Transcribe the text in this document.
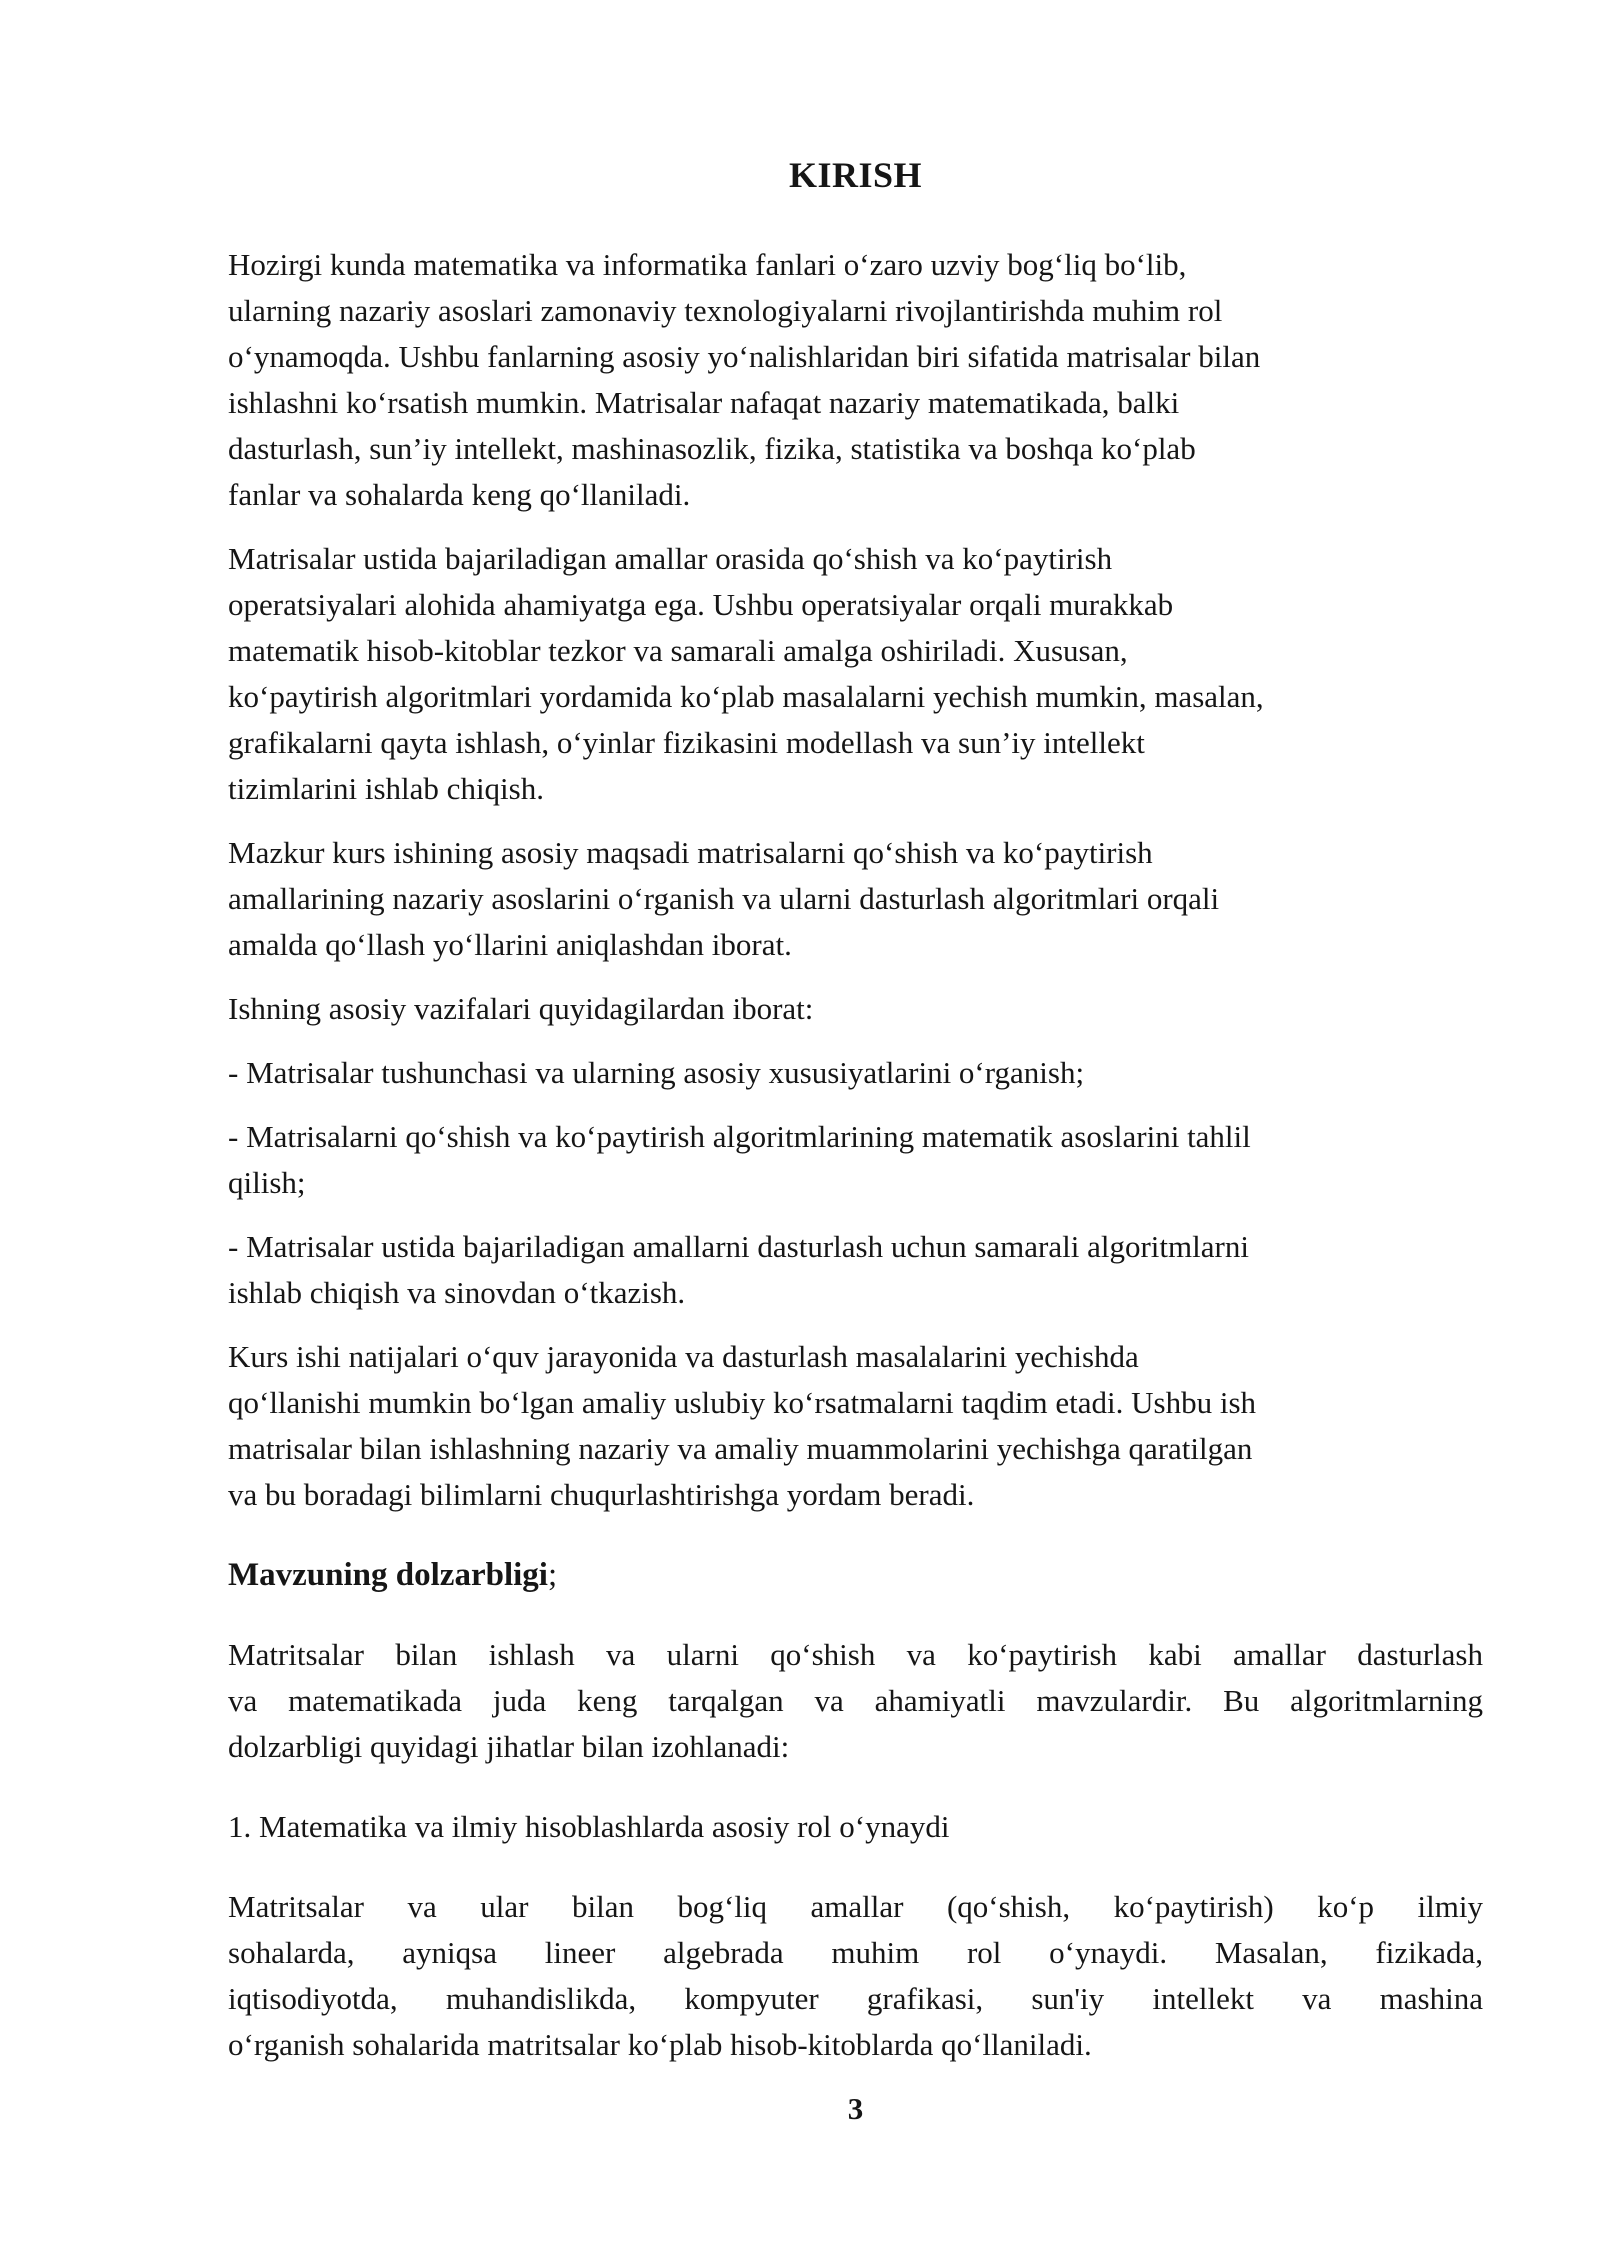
KIRISH
Hozirgi kunda matematika va informatika fanlari o‘zaro uzviy bog‘liq bo‘lib,
ularning nazariy asoslari zamonaviy texnologiyalarni rivojlantirishda muhim rol
o‘ynamoqda. Ushbu fanlarning asosiy yo‘nalishlaridan biri sifatida matrisalar bilan
ishlashni ko‘rsatish mumkin. Matrisalar nafaqat nazariy matematikada, balki
dasturlash, sun’iy intellekt, mashinasozlik, fizika, statistika va boshqa ko‘plab
fanlar va sohalarda keng qo‘llaniladi.
Matrisalar ustida bajariladigan amallar orasida qo‘shish va ko‘paytirish
operatsiyalari alohida ahamiyatga ega. Ushbu operatsiyalar orqali murakkab
matematik hisob-kitoblar tezkor va samarali amalga oshiriladi. Xususan,
ko‘paytirish algoritmlari yordamida ko‘plab masalalarni yechish mumkin, masalan,
grafikalarni qayta ishlash, o‘yinlar fizikasini modellash va sun’iy intellekt
tizimlarini ishlab chiqish.
Mazkur kurs ishining asosiy maqsadi matrisalarni qo‘shish va ko‘paytirish
amallarining nazariy asoslarini o‘rganish va ularni dasturlash algoritmlari orqali
amalda qo‘llash yo‘llarini aniqlashdan iborat.
Ishning asosiy vazifalari quyidagilardan iborat:
- Matrisalar tushunchasi va ularning asosiy xususiyatlarini o‘rganish;
- Matrisalarni qo‘shish va ko‘paytirish algoritmlarining matematik asoslarini tahlil
qilish;
- Matrisalar ustida bajariladigan amallarni dasturlash uchun samarali algoritmlarni
ishlab chiqish va sinovdan o‘tkazish.
Kurs ishi natijalari o‘quv jarayonida va dasturlash masalalarini yechishda
qo‘llanishi mumkin bo‘lgan amaliy uslubiy ko‘rsatmalarni taqdim etadi. Ushbu ish
matrisalar bilan ishlashning nazariy va amaliy muammolarini yechishga qaratilgan
va bu boradagi bilimlarni chuqurlashtirishga yordam beradi.
Mavzuning dolzarbligi;
Matritsalar bilan ishlash va ularni qo‘shish va ko‘paytirish kabi amallar dasturlash
va matematikada juda keng tarqalgan va ahamiyatli mavzulardir. Bu algoritmlarning
dolzarbligi quyidagi jihatlar bilan izohlanadi:
1. Matematika va ilmiy hisoblashlarda asosiy rol o‘ynaydi
Matritsalar va ular bilan bog‘liq amallar (qo‘shish, ko‘paytirish) ko‘p ilmiy
sohalarda, ayniqsa lineer algebrada muhim rol o‘ynaydi. Masalan, fizikada,
iqtisodiyotda, muhandislikda, kompyuter grafikasi, sun'iy intellekt va mashina
o‘rganish sohalarida matritsalar ko‘plab hisob-kitoblarda qo‘llaniladi.
3
